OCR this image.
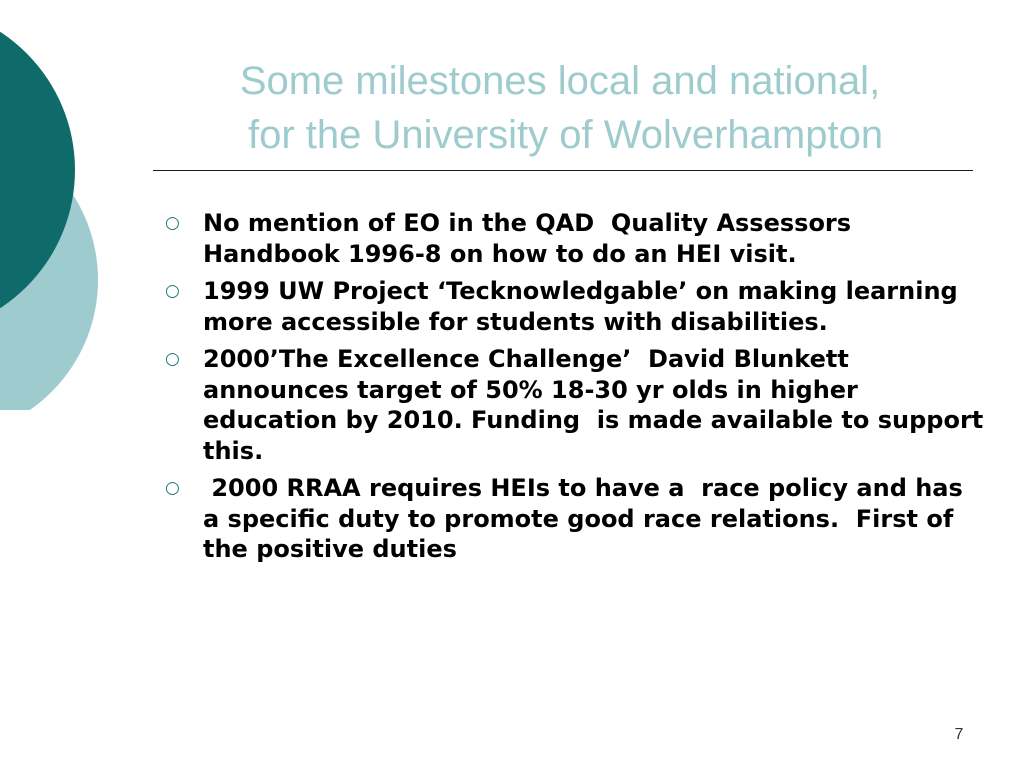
Some milestones local and national,
for the University of Wolverhampton
○ No mention of EO in the QAD  Quality Assessors Handbook 1996-8 on how to do an HEI visit.
○ 1999 UW Project ‘Tecknowledgable’ on making learning more accessible for students with disabilities.
○ 2000’The Excellence Challenge’  David Blunkett announces target of 50% 18-30 yr olds in higher education by 2010. Funding  is made available to support this.
○ 2000 RRAA requires HEIs to have a  race policy and has a specific duty to promote good race relations.  First of the positive duties
7
